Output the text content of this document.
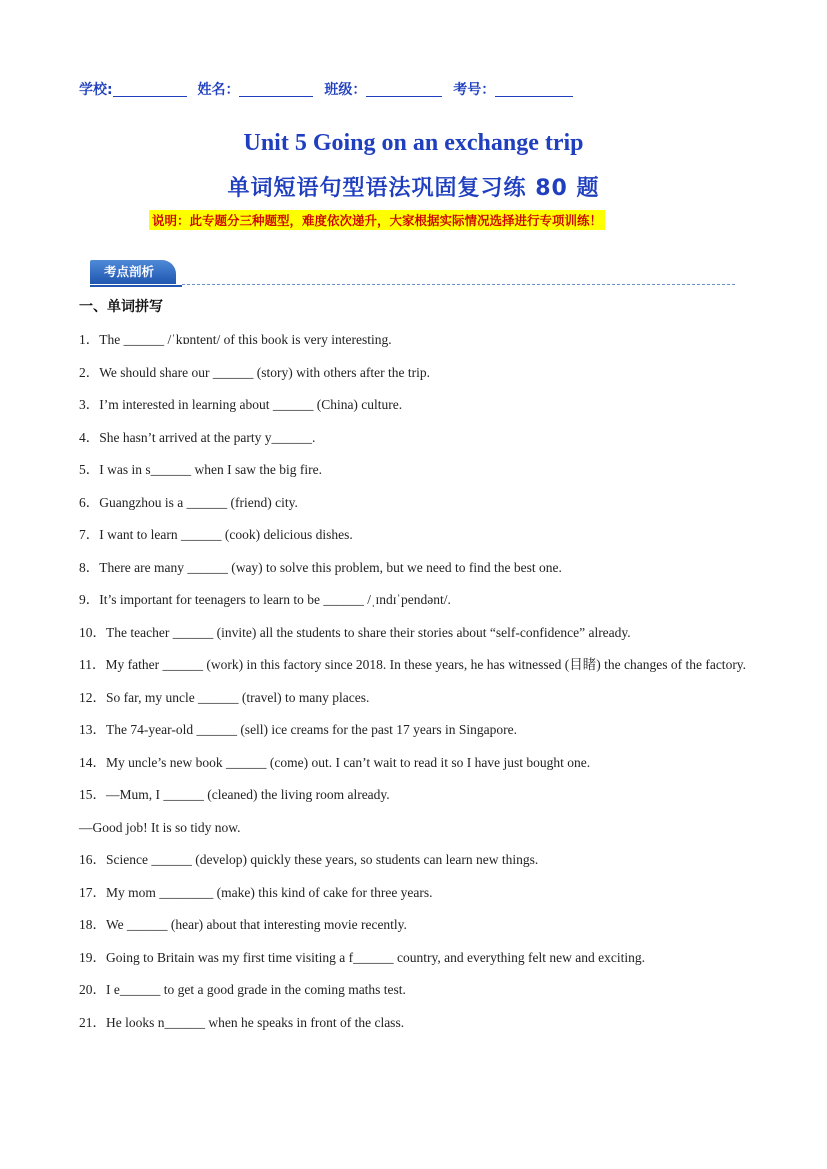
学校:	姓名：	班级：	考号：
Unit 5 Going on an exchange trip
单词短语句型语法巩固复习练 80 题
说明：此专题分三种题型，难度依次递升，大家根据实际情况选择进行专项训练！
考点剖析
一、单词拼写
1．The ______ /ˈkɒntent/ of this book is very interesting.
2．We should share our ______ (story) with others after the trip.
3．I’m interested in learning about ______ (China) culture.
4．She hasn’t arrived at the party y______.
5．I was in s______ when I saw the big fire.
6．Guangzhou is a ______ (friend) city.
7．I want to learn ______ (cook) delicious dishes.
8．There are many ______ (way) to solve this problem, but we need to find the best one.
9．It’s important for teenagers to learn to be ______ /ˌɪndɪˈpendənt/.
10．The teacher ______ (invite) all the students to share their stories about “self-confidence” already.
11．My father ______ (work) in this factory since 2018. In these years, he has witnessed (目睹) the changes of the factory.
12．So far, my uncle ______ (travel) to many places.
13．The 74-year-old ______ (sell) ice creams for the past 17 years in Singapore.
14．My uncle’s new book ______ (come) out. I can’t wait to read it so I have just bought one.
15．—Mum, I ______ (cleaned) the living room already.
—Good job! It is so tidy now.
16．Science ______ (develop) quickly these years, so students can learn new things.
17．My mom ________ (make) this kind of cake for three years.
18．We ______ (hear) about that interesting movie recently.
19．Going to Britain was my first time visiting a f______ country, and everything felt new and exciting.
20．I e______ to get a good grade in the coming maths test.
21．He looks n______ when he speaks in front of the class.
